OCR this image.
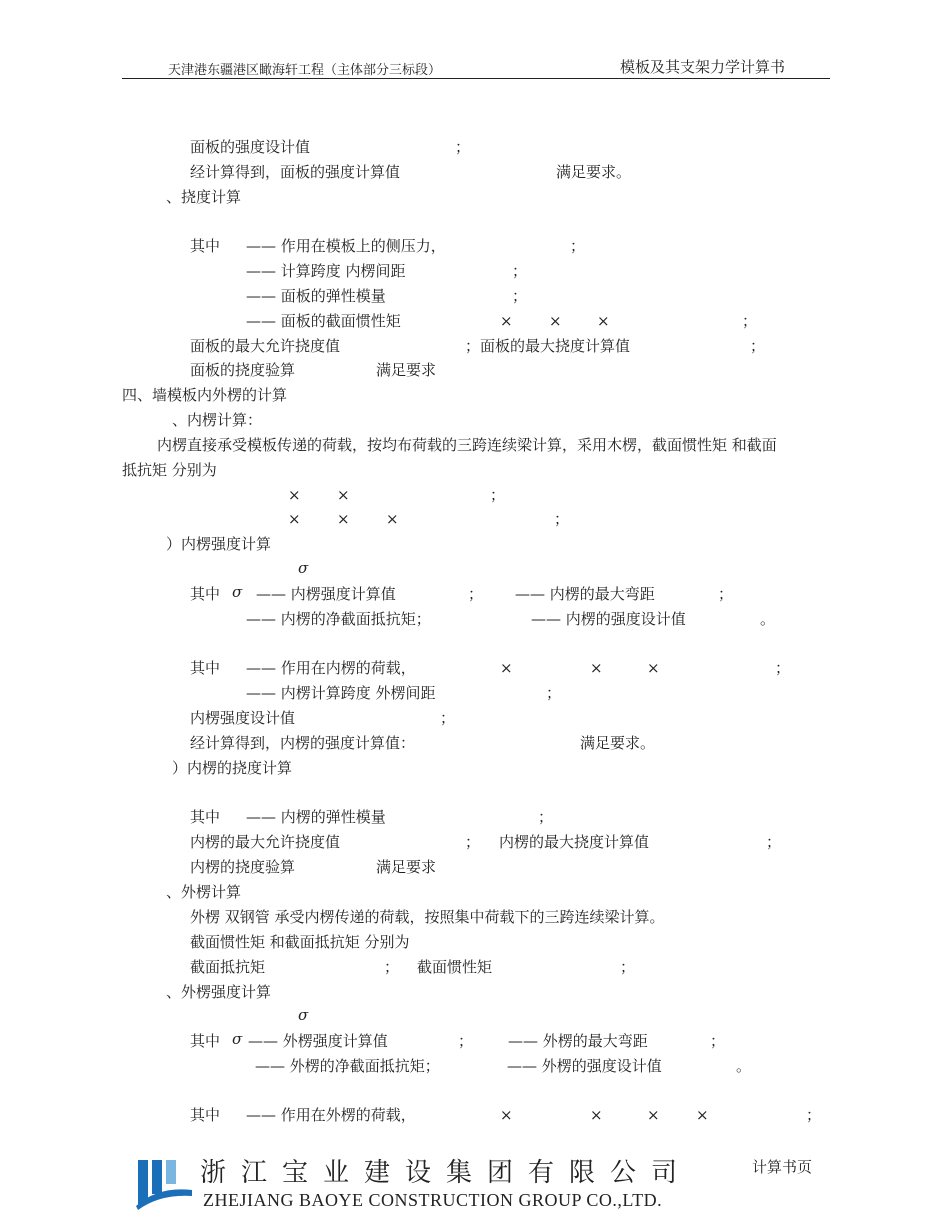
天津港东疆港区瞰海轩工程（主体部分三标段）	模板及其支架力学计算书
面板的强度设计值	；
经计算得到，面板的强度计算值	满足要求。
、挠度计算
其中 —— 作用在模板上的侧压力，	；
—— 计算跨度 内楞间距	；
—— 面板的弹性模量	；
—— 面板的截面惯性矩	× × ×	；
面板的最大允许挠度值	；面板的最大挠度计算值	；
面板的挠度验算	满足要求
四、墙模板内外楞的计算
、内楞计算：
内楞直接承受模板传递的荷载，按均布荷载的三跨连续梁计算，采用木楞，截面惯性矩 和截面
抵抗矩 分别为
× ×	；
× × ×	；
）内楞强度计算
σ
其中 σ —— 内楞强度计算值	； —— 内楞的最大弯距	；
—— 内楞的净截面抵抗矩；	—— 内楞的强度设计值	。
其中 —— 作用在内楞的荷载，	×	×	×	；
—— 内楞计算跨度 外楞间距	；
内楞强度设计值	；
经计算得到，内楞的强度计算值：	满足要求。
）内楞的挠度计算
其中 —— 内楞的弹性模量	；
内楞的最大允许挠度值	； 内楞的最大挠度计算值	；
内楞的挠度验算	满足要求
、外楞计算
外楞 双钢管 承受内楞传递的荷载，按照集中荷载下的三跨连续梁计算。
截面惯性矩 和截面抵抗矩 分别为
截面抵抗矩	； 截面惯性矩	；
、外楞强度计算
σ
其中 σ —— 外楞强度计算值	； —— 外楞的最大弯距	；
—— 外楞的净截面抵抗矩；	—— 外楞的强度设计值	。
其中 —— 作用在外楞的荷载，	×	×	× ×	；
浙江宝业建设集团有限公司
ZHEJIANG BAOYE CONSTRUCTION GROUP CO.,LTD.
计算书页
